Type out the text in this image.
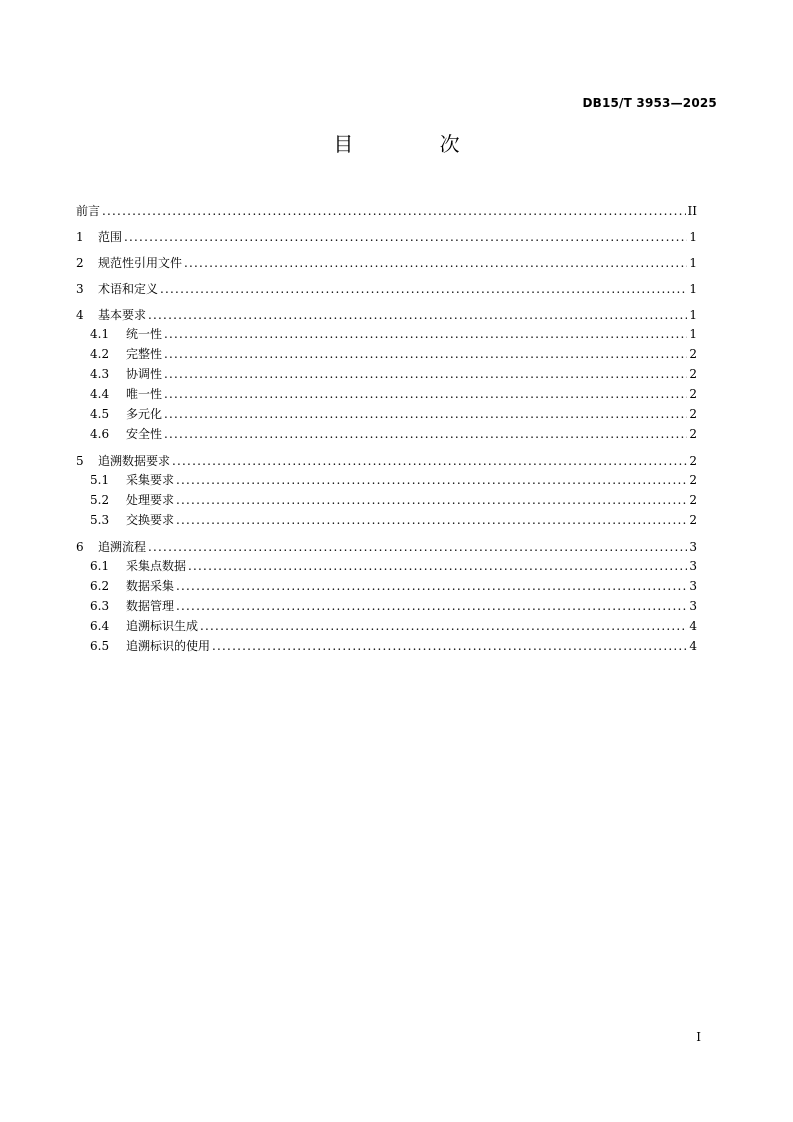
DB15/T 3953—2025
目 次
前言 .....	II
1	范围 .....	1
2	规范性引用文件 .....	1
3	术语和定义 .....	1
4	基本要求 .....	1
4.1	统一性 .....	1
4.2	完整性 .....	2
4.3	协调性 .....	2
4.4	唯一性 .....	2
4.5	多元化 .....	2
4.6	安全性 .....	2
5	追溯数据要求 .....	2
5.1	采集要求 .....	2
5.2	处理要求 .....	2
5.3	交换要求 .....	2
6	追溯流程 .....	3
6.1	采集点数据 .....	3
6.2	数据采集 .....	3
6.3	数据管理 .....	3
6.4	追溯标识生成 .....	4
6.5	追溯标识的使用 .....	4
I
